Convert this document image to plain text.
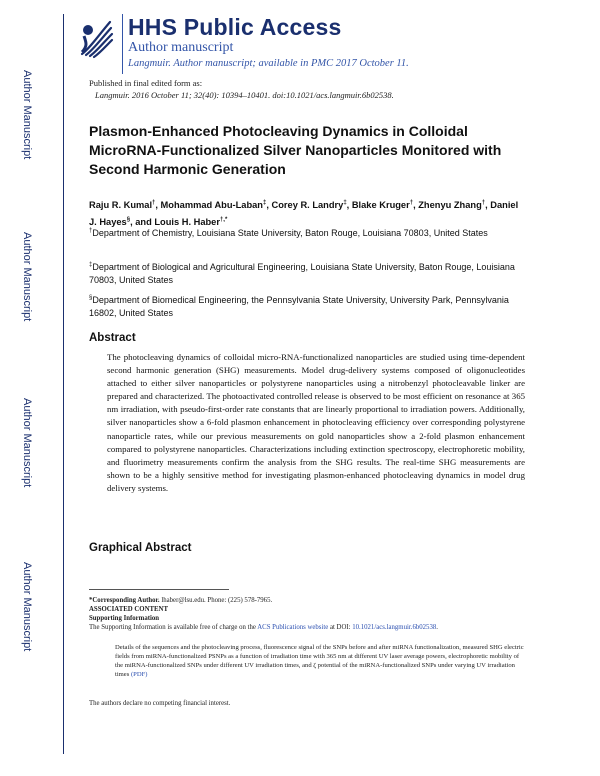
HHS Public Access
Author manuscript
Langmuir. Author manuscript; available in PMC 2017 October 11.
Author Manuscript
Author Manuscript
Author Manuscript
Author Manuscript
Published in final edited form as:
Langmuir. 2016 October 11; 32(40): 10394–10401. doi:10.1021/acs.langmuir.6b02538.
Plasmon-Enhanced Photocleaving Dynamics in Colloidal MicroRNA-Functionalized Silver Nanoparticles Monitored with Second Harmonic Generation
Raju R. Kumal†, Mohammad Abu-Laban‡, Corey R. Landry‡, Blake Kruger†, Zhenyu Zhang†, Daniel J. Hayes§, and Louis H. Haber†,*
†Department of Chemistry, Louisiana State University, Baton Rouge, Louisiana 70803, United States
‡Department of Biological and Agricultural Engineering, Louisiana State University, Baton Rouge, Louisiana 70803, United States
§Department of Biomedical Engineering, the Pennsylvania State University, University Park, Pennsylvania 16802, United States
Abstract
The photocleaving dynamics of colloidal micro-RNA-functionalized nanoparticles are studied using time-dependent second harmonic generation (SHG) measurements. Model drug-delivery systems composed of oligonucleotides attached to either silver nanoparticles or polystyrene nanoparticles using a nitrobenzyl photocleavable linker are prepared and characterized. The photoactivated controlled release is observed to be most efficient on resonance at 365 nm irradiation, with pseudo-first-order rate constants that are linearly proportional to irradiation powers. Additionally, silver nanoparticles show a 6-fold plasmon enhancement in photocleaving efficiency over corresponding polystyrene nanoparticle rates, while our previous measurements on gold nanoparticles show a 2-fold plasmon enhancement compared to polystyrene nanoparticles. Characterizations including extinction spectroscopy, electrophoretic mobility, and fluorimetry measurements confirm the analysis from the SHG results. The real-time SHG measurements are shown to be a highly sensitive method for investigating plasmon-enhanced photocleaving dynamics in model drug delivery systems.
Graphical Abstract
*Corresponding Author. lhaber@lsu.edu. Phone: (225) 578-7965.
ASSOCIATED CONTENT
Supporting Information
The Supporting Information is available free of charge on the ACS Publications website at DOI: 10.1021/acs.langmuir.6b02538.
Details of the sequences and the photocleaving process, fluorescence signal of the SNPs before and after miRNA functionalization, measured SHG electric fields from miRNA-functionalized PSNPs as a function of irradiation time with 365 nm at different UV laser average powers, electrophoretic mobility of the miRNA-functionalized SNPs under different UV irradiation times, and ζ potential of the miRNA-functionalized SNPs under varying UV irradiation times (PDF)
The authors declare no competing financial interest.
